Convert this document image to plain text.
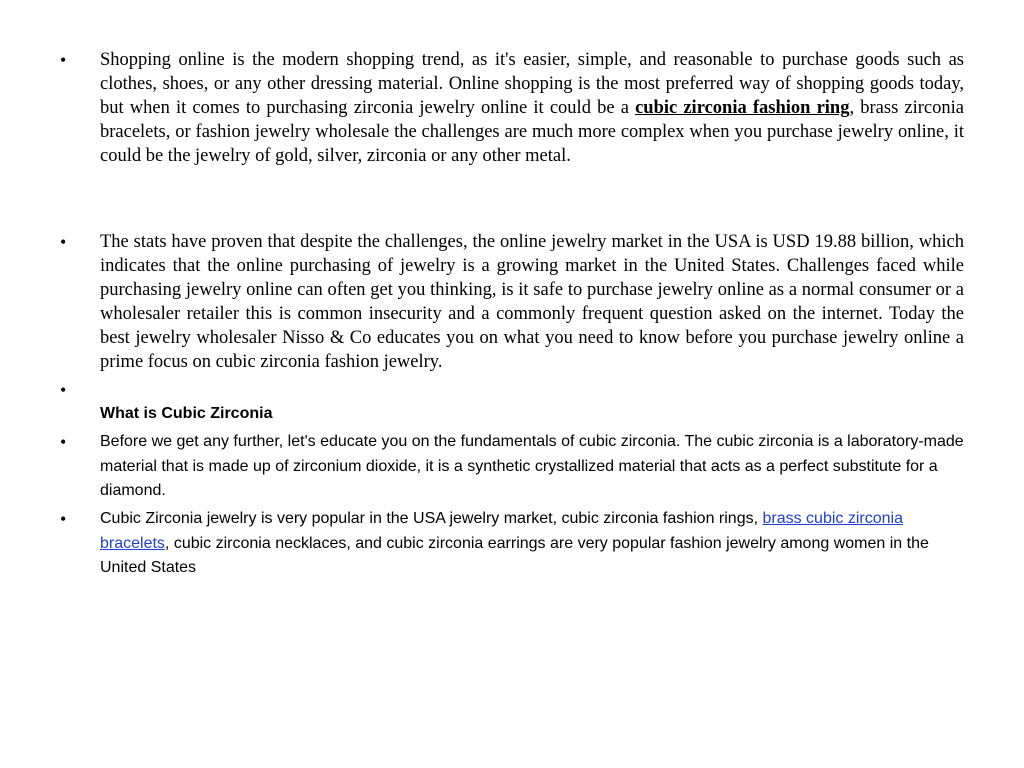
•	Shopping online is the modern shopping trend, as it's easier, simple, and reasonable to purchase goods such as clothes, shoes, or any other dressing material. Online shopping is the most preferred way of shopping goods today, but when it comes to purchasing zirconia jewelry online it could be a cubic zirconia fashion ring, brass zirconia bracelets, or fashion jewelry wholesale the challenges are much more complex when you purchase jewelry online, it could be the jewelry of gold, silver, zirconia or any other metal.
•	The stats have proven that despite the challenges, the online jewelry market in the USA is USD 19.88 billion, which indicates that the online purchasing of jewelry is a growing market in the United States. Challenges faced while purchasing jewelry online can often get you thinking, is it safe to purchase jewelry online as a normal consumer or a wholesaler retailer this is common insecurity and a commonly frequent question asked on the internet. Today the best jewelry wholesaler Nisso & Co educates you on what you need to know before you purchase jewelry online a prime focus on cubic zirconia fashion jewelry.
•
What is Cubic Zirconia
•	Before we get any further, let's educate you on the fundamentals of cubic zirconia. The cubic zirconia is a laboratory-made material that is made up of zirconium dioxide, it is a synthetic crystallized material that acts as a perfect substitute for a diamond.
•	Cubic Zirconia jewelry is very popular in the USA jewelry market, cubic zirconia fashion rings, brass cubic zirconia bracelets, cubic zirconia necklaces, and cubic zirconia earrings are very popular fashion jewelry among women in the United States
